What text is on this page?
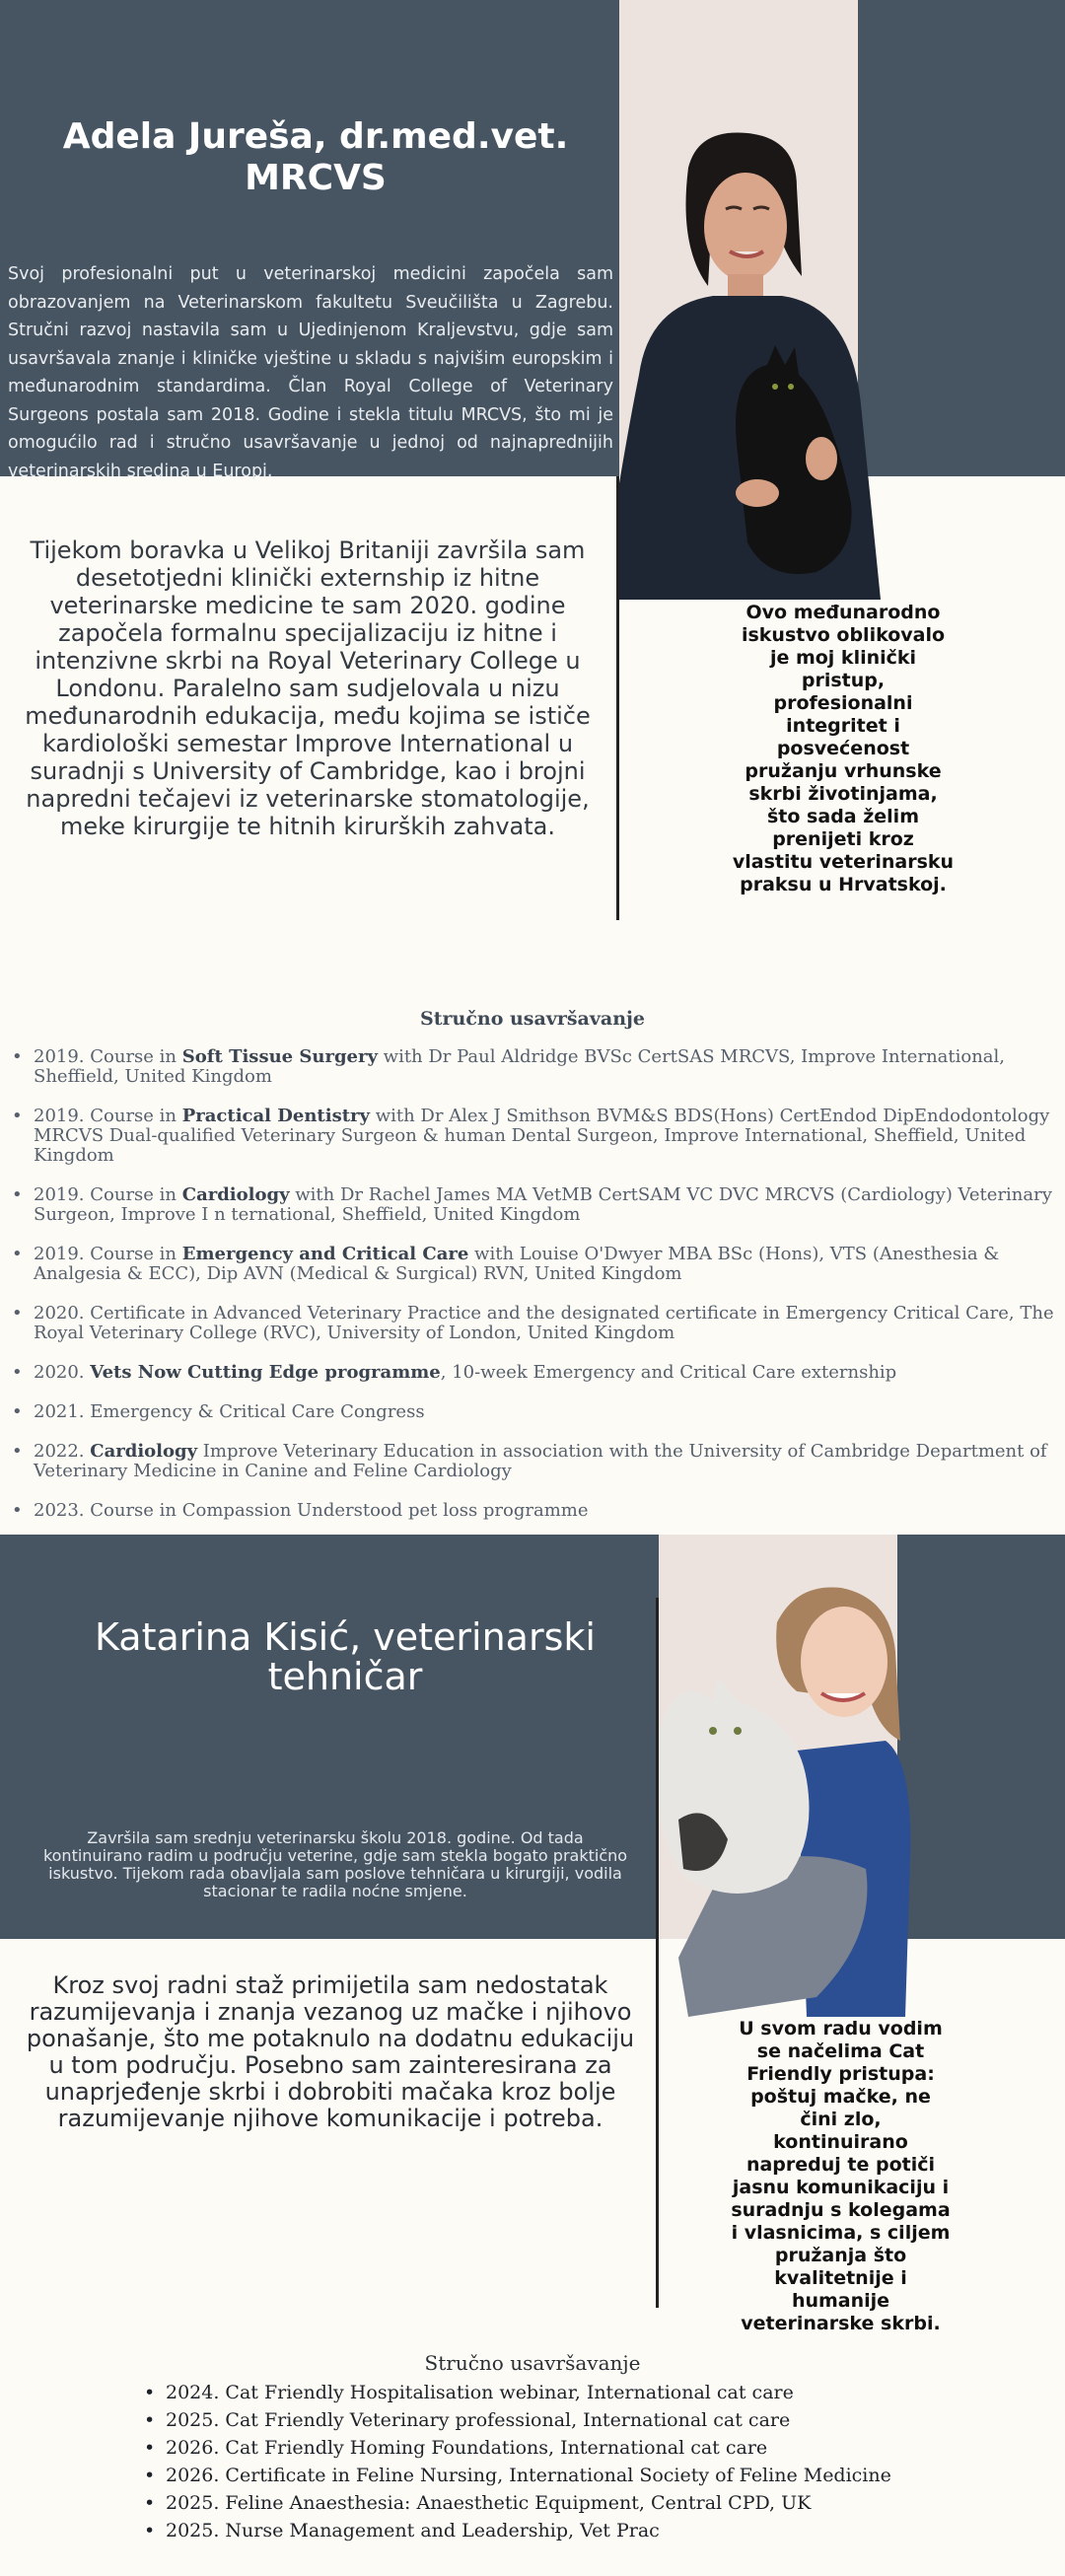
Adela Jureša, dr.med.vet. MRCVS
Svoj profesionalni put u veterinarskoj medicini započela sam obrazovanjem na Veterinarskom fakultetu Sveučilišta u Zagrebu. Stručni razvoj nastavila sam u Ujedinjenom Kraljevstvu, gdje sam usavršavala znanje i kliničke vještine u skladu s najvišim europskim i međunarodnim standardima. Član Royal College of Veterinary Surgeons postala sam 2018. Godine i stekla titulu MRCVS, što mi je omogućilo rad i stručno usavršavanje u jednoj od najnaprednijih veterinarskih sredina u Europi.
Tijekom boravka u Velikoj Britaniji završila sam desetotjedni klinički externship iz hitne veterinarske medicine te sam 2020. godine započela formalnu specijalizaciju iz hitne i intenzivne skrbi na Royal Veterinary College u Londonu. Paralelno sam sudjelovala u nizu međunarodnih edukacija, među kojima se ističe kardiološki semestar Improve International u suradnji s University of Cambridge, kao i brojni napredni tečajevi iz veterinarske stomatologije, meke kirurgije te hitnih kirurških zahvata.
Ovo međunarodno iskustvo oblikovalo je moj klinički pristup, profesionalni integritet i posvećenost pružanju vrhunske skrbi životinjama, što sada želim prenijeti kroz vlastitu veterinarsku praksu u Hrvatskoj.
Stručno usavršavanje
• 2019. Course in Soft Tissue Surgery with Dr Paul Aldridge BVSc CertSAS MRCVS, Improve International, Sheffield, United Kingdom
• 2019. Course in Practical Dentistry with Dr Alex J Smithson BVM&S BDS(Hons) CertEndod DipEndodontology MRCVS Dual-qualified Veterinary Surgeon & human Dental Surgeon, Improve International, Sheffield, United Kingdom
• 2019. Course in Cardiology with Dr Rachel James MA VetMB CertSAM VC DVC MRCVS (Cardiology) Veterinary Surgeon, Improve I n ternational, Sheffield, United Kingdom
• 2019. Course in Emergency and Critical Care with Louise O'Dwyer MBA BSc (Hons), VTS (Anesthesia & Analgesia & ECC), Dip AVN (Medical & Surgical) RVN, United Kingdom
• 2020. Certificate in Advanced Veterinary Practice and the designated certificate in Emergency Critical Care, The Royal Veterinary College (RVC), University of London, United Kingdom
• 2020. Vets Now Cutting Edge programme, 10-week Emergency and Critical Care externship
• 2021. Emergency & Critical Care Congress
• 2022. Cardiology Improve Veterinary Education in association with the University of Cambridge Department of Veterinary Medicine in Canine and Feline Cardiology
• 2023. Course in Compassion Understood pet loss programme
Katarina Kisić, veterinarski tehničar
Završila sam srednju veterinarsku školu 2018. godine. Od tada kontinuirano radim u području veterine, gdje sam stekla bogato praktično iskustvo. Tijekom rada obavljala sam poslove tehničara u kirurgiji, vodila stacionar te radila noćne smjene.
Kroz svoj radni staž primijetila sam nedostatak razumijevanja i znanja vezanog uz mačke i njihovo ponašanje, što me potaknulo na dodatnu edukaciju u tom području. Posebno sam zainteresirana za unaprjeđenje skrbi i dobrobiti mačaka kroz bolje razumijevanje njihove komunikacije i potreba.
U svom radu vodim se načelima Cat Friendly pristupa: poštuj mačke, ne čini zlo, kontinuirano napreduj te potiči jasnu komunikaciju i suradnju s kolegama i vlasnicima, s ciljem pružanja što kvalitetnije i humanije veterinarske skrbi.
Stručno usavršavanje
• 2024. Cat Friendly Hospitalisation webinar, International cat care
• 2025. Cat Friendly Veterinary professional, International cat care
• 2026. Cat Friendly Homing Foundations, International cat care
• 2026. Certificate in Feline Nursing, International Society of Feline Medicine
• 2025. Feline Anaesthesia: Anaesthetic Equipment, Central CPD, UK
• 2025. Nurse Management and Leadership, Vet Prac
